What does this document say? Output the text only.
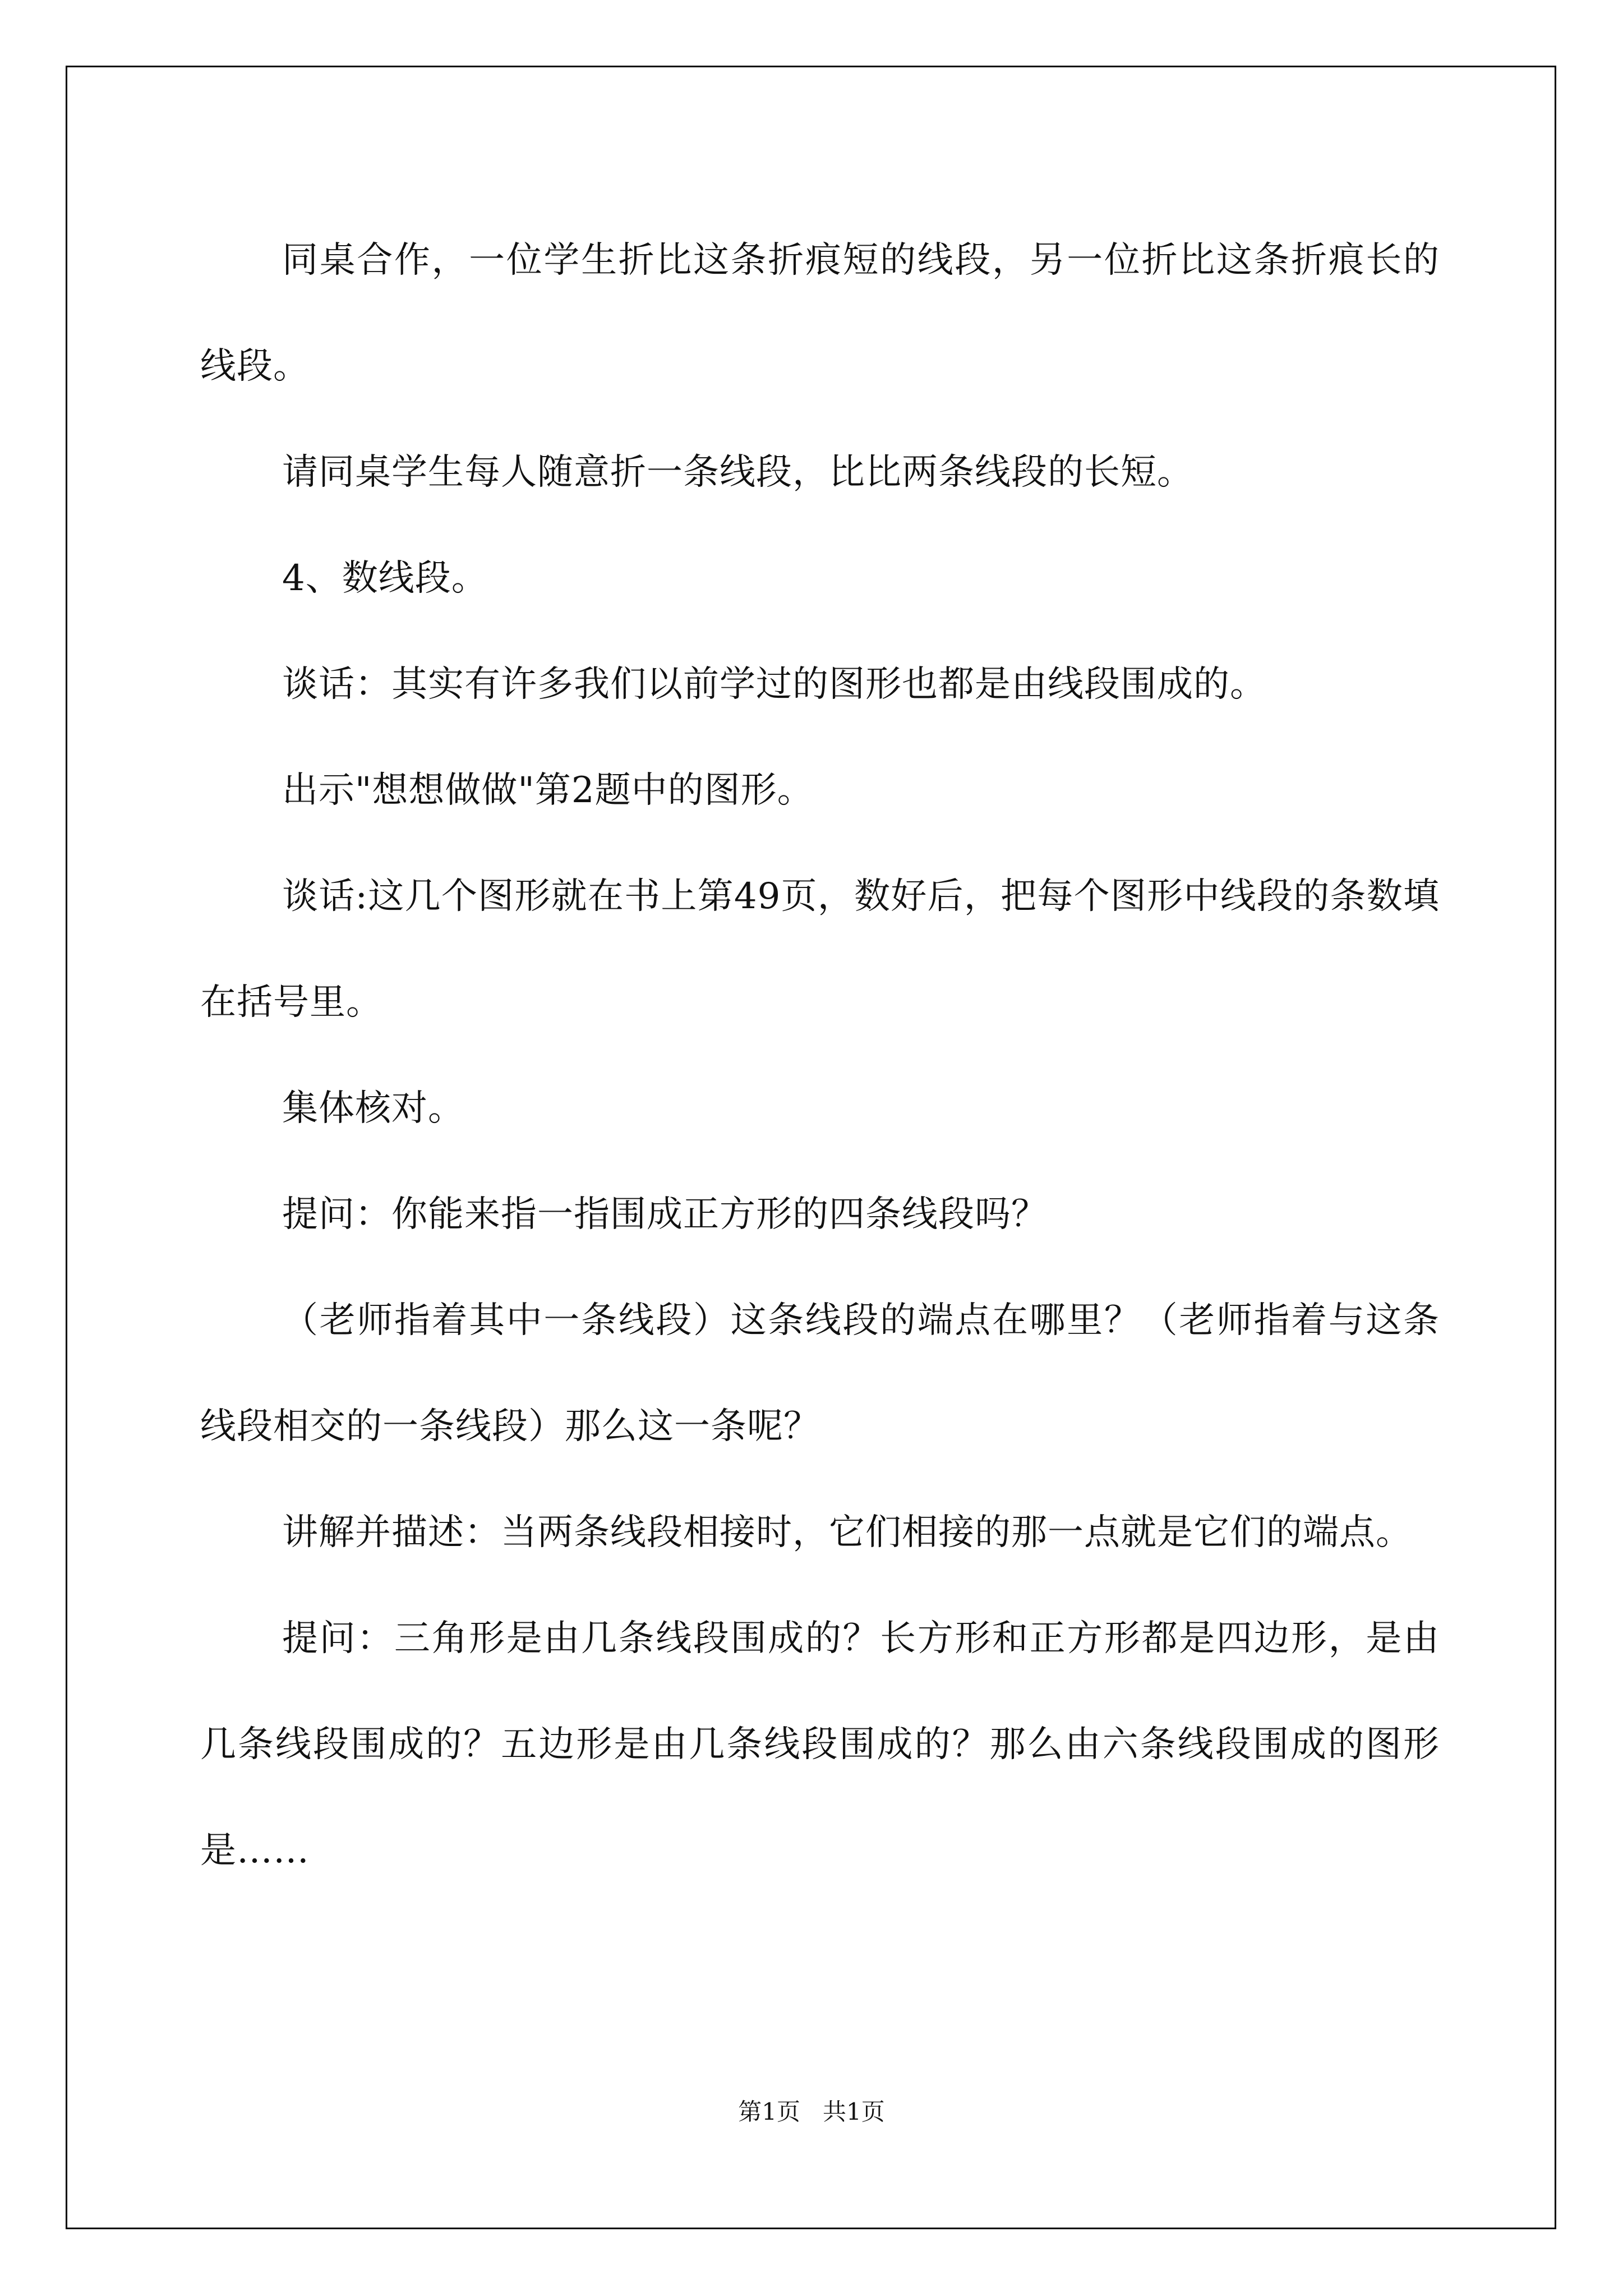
同桌合作，一位学生折比这条折痕短的线段，另一位折比这条折痕长的线段。

请同桌学生每人随意折一条线段，比比两条线段的长短。

4、数线段。

谈话：其实有许多我们以前学过的图形也都是由线段围成的。

出示"想想做做"第2题中的图形。

谈话:这几个图形就在书上第49页，数好后，把每个图形中线段的条数填在括号里。

集体核对。

提问：你能来指一指围成正方形的四条线段吗？

（老师指着其中一条线段）这条线段的端点在哪里？（老师指着与这条线段相交的一条线段）那么这一条呢？

讲解并描述：当两条线段相接时，它们相接的那一点就是它们的端点。

提问：三角形是由几条线段围成的？长方形和正方形都是四边形，是由几条线段围成的？五边形是由几条线段围成的？那么由六条线段围成的图形是……

第1页 共1页
